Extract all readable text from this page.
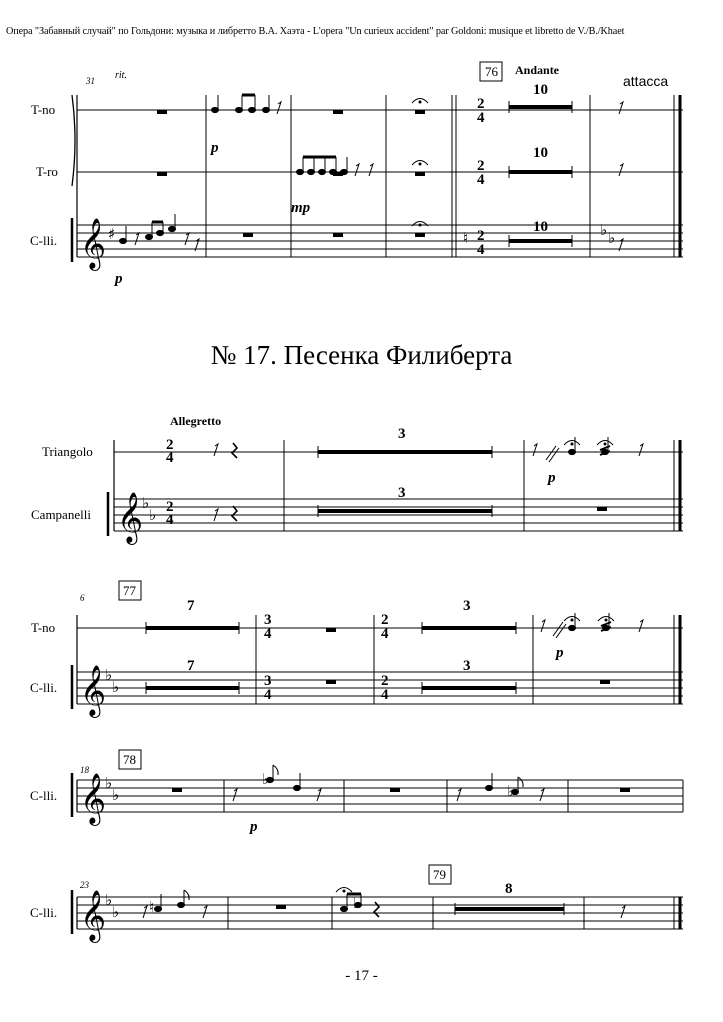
Опера "Забавный случай" по Гольдони: музыка и либретто В.А. Хаэта - L'opera "Un curieux accident" par Goldoni: musique et libretto de V./B./Khaet
№ 17. Песенка Филиберта
- 17 -
𝄞
𝄞
𝄞
𝄞
𝄞
♯	♮	♭ ♭
♭
♭
♭
♭
♭
♭
♭
♭
♭
♭
♮	♭
T-no
T-ro
C-lli.
Triangolo
Campanelli
T-no
C-lli.
C-lli.
C-lli.
31
6
18
23
rit.	76 Andante
attacca
10
10
10
p
mp
p
2
4
2
4
2
4
Allegretto
3
3
p
2
4
2
4
77
7
7
3
3
p
3
4
3
4
2
4
2
4
78
p
79
8
